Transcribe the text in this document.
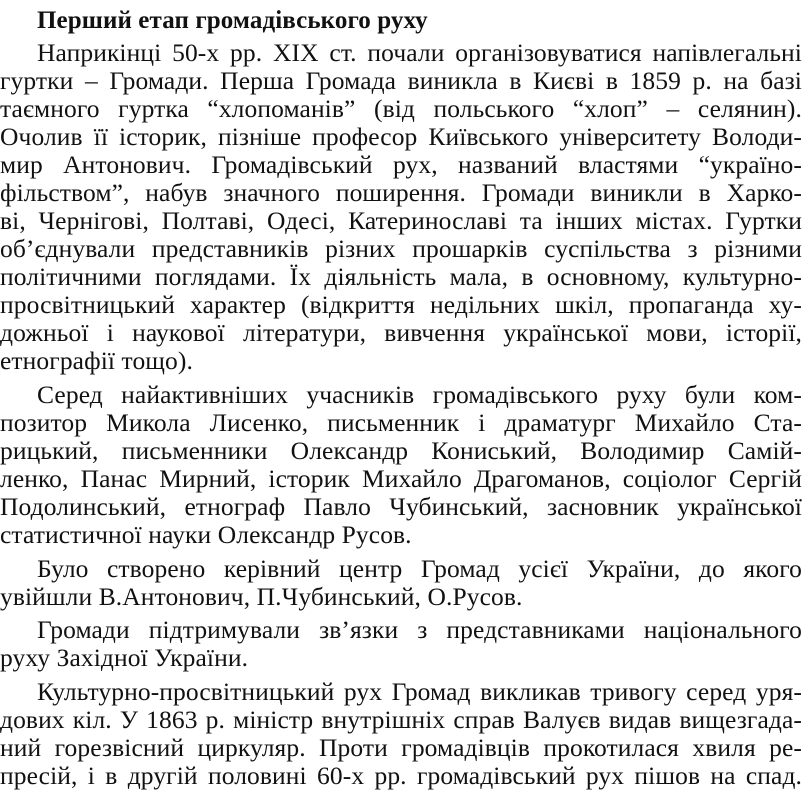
Перший етап громадівського руху
Наприкінці 50-х рр. XIX ст. почали організовуватися напівлегальні
гуртки – Громади. Перша Громада виникла в Києві в 1859 р. на базі
таємного гуртка “хлопоманів” (від польського “хлоп” – селянин).
Очолив її історик, пізніше професор Київського університету Володи-
мир Антонович. Громадівський рух, названий властями “україно-
фільством”, набув значного поширення. Громади виникли в Харко-
ві, Чернігові, Полтаві, Одесі, Катеринославі та інших містах. Гуртки
об’єднували представників різних прошарків суспільства з різними
політичними поглядами. Їх діяльність мала, в основному, культурно-
просвітницький характер (відкриття недільних шкіл, пропаганда ху-
дожньої і наукової літератури, вивчення української мови, історії,
етнографії тощо).
Серед найактивніших учасників громадівського руху були ком-
позитор Микола Лисенко, письменник і драматург Михайло Ста-
рицький, письменники Олександр Кониський, Володимир Самій-
ленко, Панас Мирний, історик Михайло Драгоманов, соціолог Сергій
Подолинський, етнограф Павло Чубинський, засновник української
статистичної науки Олександр Русов.
Було створено керівний центр Громад усієї України, до якого
увійшли В.Антонович, П.Чубинський, О.Русов.
Громади підтримували зв’язки з представниками національного
руху Західної України.
Культурно-просвітницький рух Громад викликав тривогу серед уря-
дових кіл. У 1863 р. міністр внутрішніх справ Валуєв видав вищезгада-
ний горезвісний циркуляр. Проти громадівців прокотилася хвиля ре-
пресій, і в другій половині 60-х рр. громадівський рух пішов на спад.
